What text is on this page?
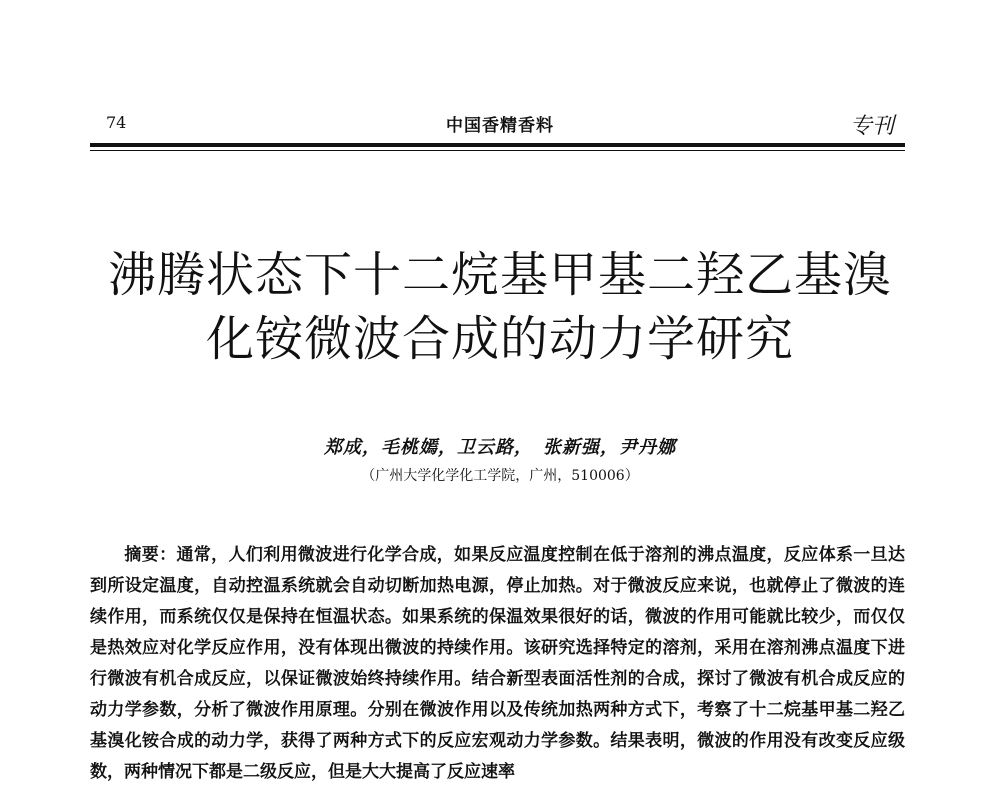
74	中国香精香料	专刊
沸腾状态下十二烷基甲基二羟乙基溴
化铵微波合成的动力学研究
郑成，毛桃嫣，卫云路，　张新强，尹丹娜
（广州大学化学化工学院，广州，510006）

摘要：通常，人们利用微波进行化学合成，如果反应温度控制在低于溶剂的沸点温度，反应体系一旦达到所设定温度，自动控温系统就会自动切断加热电源，停止加热。对于微波反应来说，也就停止了微波的连续作用，而系统仅仅是保持在恒温状态。如果系统的保温效果很好的话，微波的作用可能就比较少，而仅仅是热效应对化学反应作用，没有体现出微波的持续作用。该研究选择特定的溶剂，采用在溶剂沸点温度下进行微波有机合成反应，以保证微波始终持续作用。结合新型表面活性剂的合成，探讨了微波有机合成反应的动力学参数，分析了微波作用原理。分别在微波作用以及传统加热两种方式下，考察了十二烷基甲基二羟乙基溴化铵合成的动力学，获得了两种方式下的反应宏观动力学参数。结果表明，微波的作用没有改变反应级数，两种情况下都是二级反应，但是大大提高了反应速率
